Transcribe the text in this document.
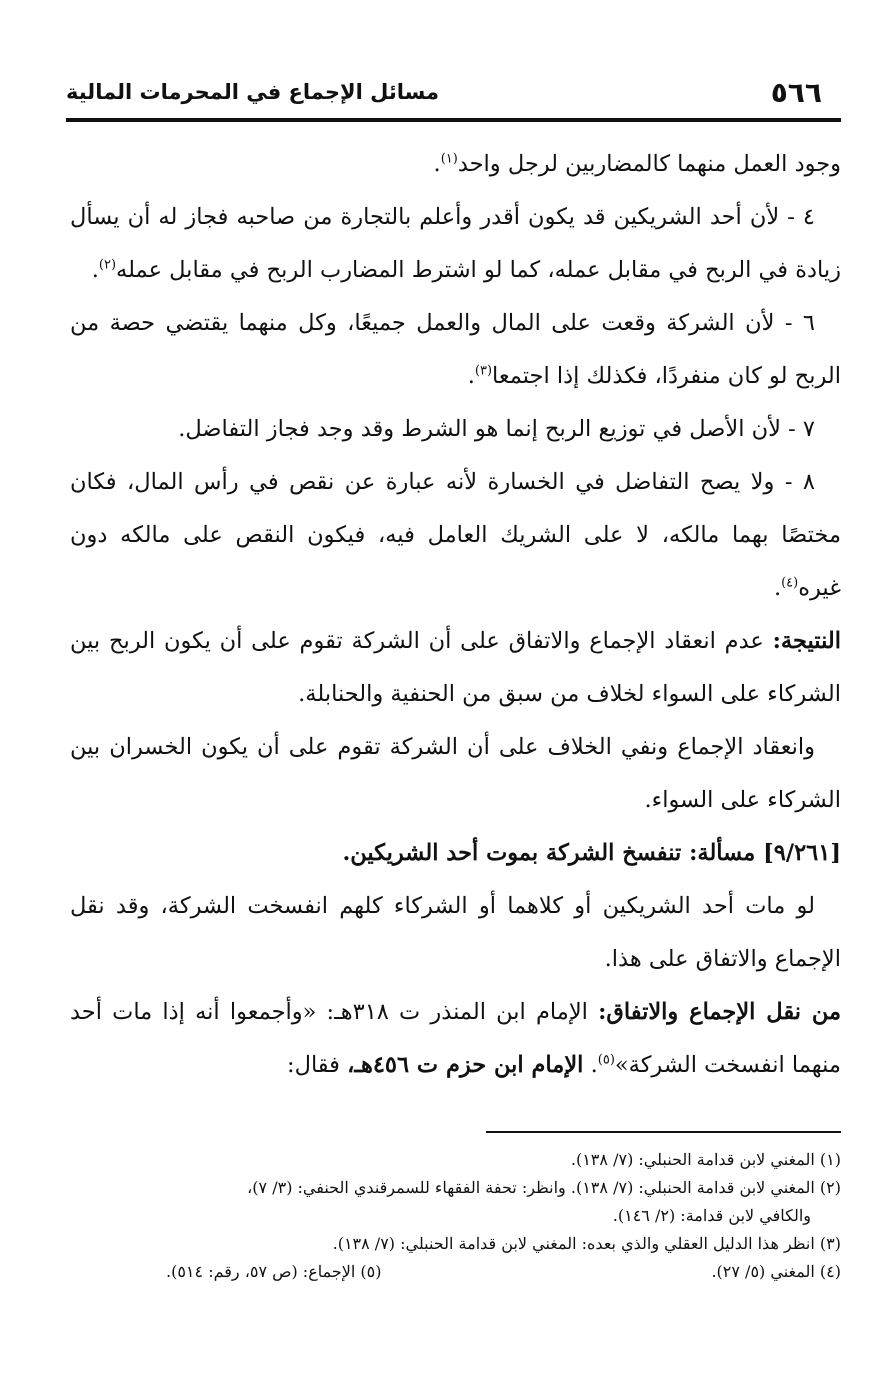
٥٦٦
مسائل الإجماع في المحرمات المالية

وجود العمل منهما كالمضاربين لرجل واحد$^{(١)}$.

٤ - لأن أحد الشريكين قد يكون أقدر وأعلم بالتجارة من صاحبه فجاز له أن يسأل زيادة في الربح في مقابل عمله، كما لو اشترط المضارب الربح في مقابل عمله$^{(٢)}$.

٦ - لأن الشركة وقعت على المال والعمل جميعًا، وكل منهما يقتضي حصة من الربح لو كان منفردًا، فكذلك إذا اجتمعا$^{(٣)}$.

٧ - لأن الأصل في توزيع الربح إنما هو الشرط وقد وجد فجاز التفاضل.

٨ - ولا يصح التفاضل في الخسارة لأنه عبارة عن نقص في رأس المال، فكان مختصًا بهما مالكه، لا على الشريك العامل فيه، فيكون النقص على مالكه دون غيره$^{(٤)}$.

النتيجة: عدم انعقاد الإجماع والاتفاق على أن الشركة تقوم على أن يكون الربح بين الشركاء على السواء لخلاف من سبق من الحنفية والحنابلة.

وانعقاد الإجماع ونفي الخلاف على أن الشركة تقوم على أن يكون الخسران بين الشركاء على السواء.

[٩/٢٦١] مسألة: تنفسخ الشركة بموت أحد الشريكين.

لو مات أحد الشريكين أو كلاهما أو الشركاء كلهم انفسخت الشركة، وقد نقل الإجماع والاتفاق على هذا.

من نقل الإجماع والاتفاق: الإمام ابن المنذر ت ٣١٨هـ: «وأجمعوا أنه إذا مات أحد منهما انفسخت الشركة»$^{(٥)}$. الإمام ابن حزم ت ٤٥٦هـ، فقال:

(١) المغني لابن قدامة الحنبلي: (٧/ ١٣٨).

(٢) المغني لابن قدامة الحنبلي: (٧/ ١٣٨). وانظر: تحفة الفقهاء للسمرقندي الحنفي: (٣/ ٧)،

والكافي لابن قدامة: (٢/ ١٤٦).

(٣) انظر هذا الدليل العقلي والذي بعده: المغني لابن قدامة الحنبلي: (٧/ ١٣٨).

(٤) المغني (٥/ ٢٧).
(٥) الإجماع: (ص ٥٧، رقم: ٥١٤).
